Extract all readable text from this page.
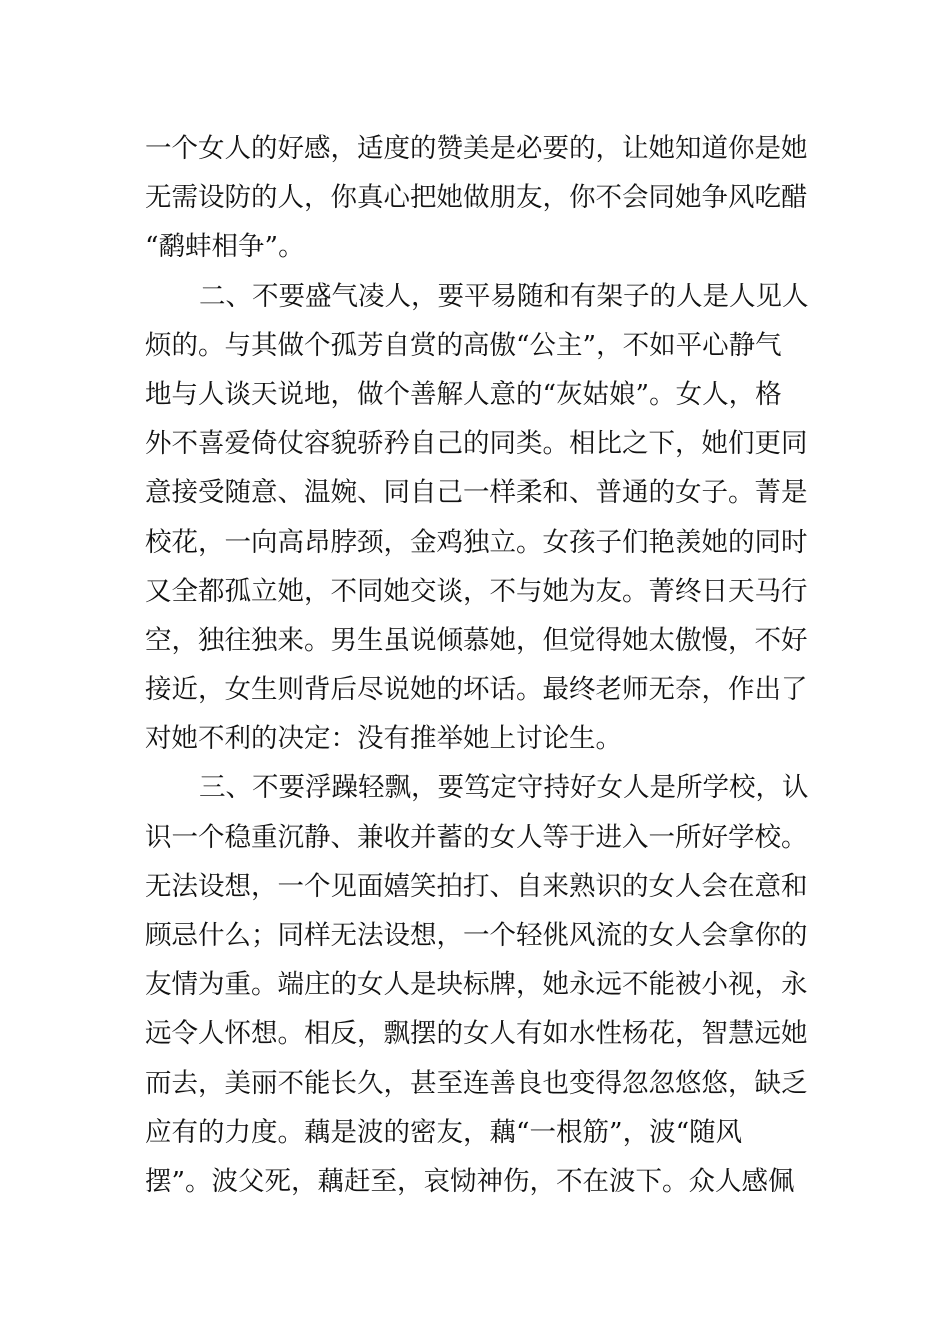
一个女人的好感，适度的赞美是必要的，让她知道你是她
无需设防的人，你真心把她做朋友，你不会同她争风吃醋
“鹬蚌相争”。
二、不要盛气凌人，要平易随和有架子的人是人见人
烦的。与其做个孤芳自赏的高傲“公主”，不如平心静气
地与人谈天说地，做个善解人意的“灰姑娘”。女人，格
外不喜爱倚仗容貌骄矜自己的同类。相比之下，她们更同
意接受随意、温婉、同自己一样柔和、普通的女子。菁是
校花，一向高昂脖颈，金鸡独立。女孩子们艳羡她的同时
又全都孤立她，不同她交谈，不与她为友。菁终日天马行
空，独往独来。男生虽说倾慕她，但觉得她太傲慢，不好
接近，女生则背后尽说她的坏话。最终老师无奈，作出了
对她不利的决定：没有推举她上讨论生。
三、不要浮躁轻飘，要笃定守持好女人是所学校，认
识一个稳重沉静、兼收并蓄的女人等于进入一所好学校。
无法设想，一个见面嬉笑拍打、自来熟识的女人会在意和
顾忌什么；同样无法设想，一个轻佻风流的女人会拿你的
友情为重。端庄的女人是块标牌，她永远不能被小视，永
远令人怀想。相反，飘摆的女人有如水性杨花，智慧远她
而去，美丽不能长久，甚至连善良也变得忽忽悠悠，缺乏
应有的力度。藕是波的密友，藕“一根筋”，波“随风
摆”。波父死，藕赶至，哀恸神伤，不在波下。众人感佩
